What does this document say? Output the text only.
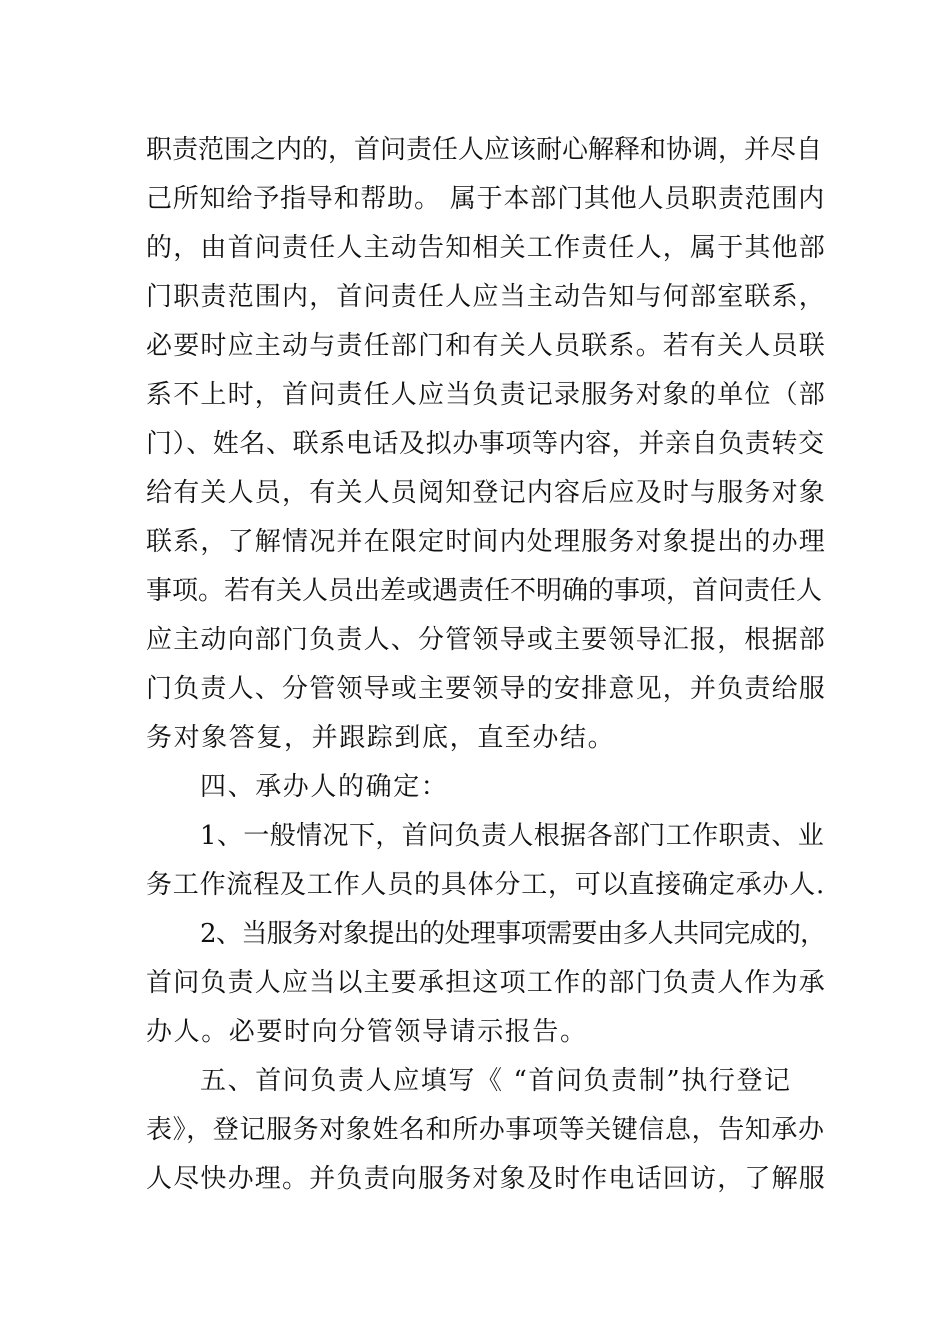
职责范围之内的，首问责任人应该耐心解释和协调，并尽自
己所知给予指导和帮助。 属于本部门其他人员职责范围内
的，由首问责任人主动告知相关工作责任人，属于其他部
门职责范围内，首问责任人应当主动告知与何部室联系，
必要时应主动与责任部门和有关人员联系。若有关人员联
系不上时，首问责任人应当负责记录服务对象的单位（部
门）、姓名、联系电话及拟办事项等内容，并亲自负责转交
给有关人员，有关人员阅知登记内容后应及时与服务对象
联系，了解情况并在限定时间内处理服务对象提出的办理
事项。若有关人员出差或遇责任不明确的事项，首问责任人
应主动向部门负责人、分管领导或主要领导汇报，根据部
门负责人、分管领导或主要领导的安排意见，并负责给服
务对象答复，并跟踪到底，直至办结。
四、承办人的确定：
1、一般情况下，首问负责人根据各部门工作职责、业
务工作流程及工作人员的具体分工，可以直接确定承办人.
2、当服务对象提出的处理事项需要由多人共同完成的，
首问负责人应当以主要承担这项工作的部门负责人作为承
办人。必要时向分管领导请示报告。
五、首问负责人应填写《 “首问负责制”执行登记
表》，登记服务对象姓名和所办事项等关键信息，告知承办
人尽快办理。并负责向服务对象及时作电话回访，了解服
